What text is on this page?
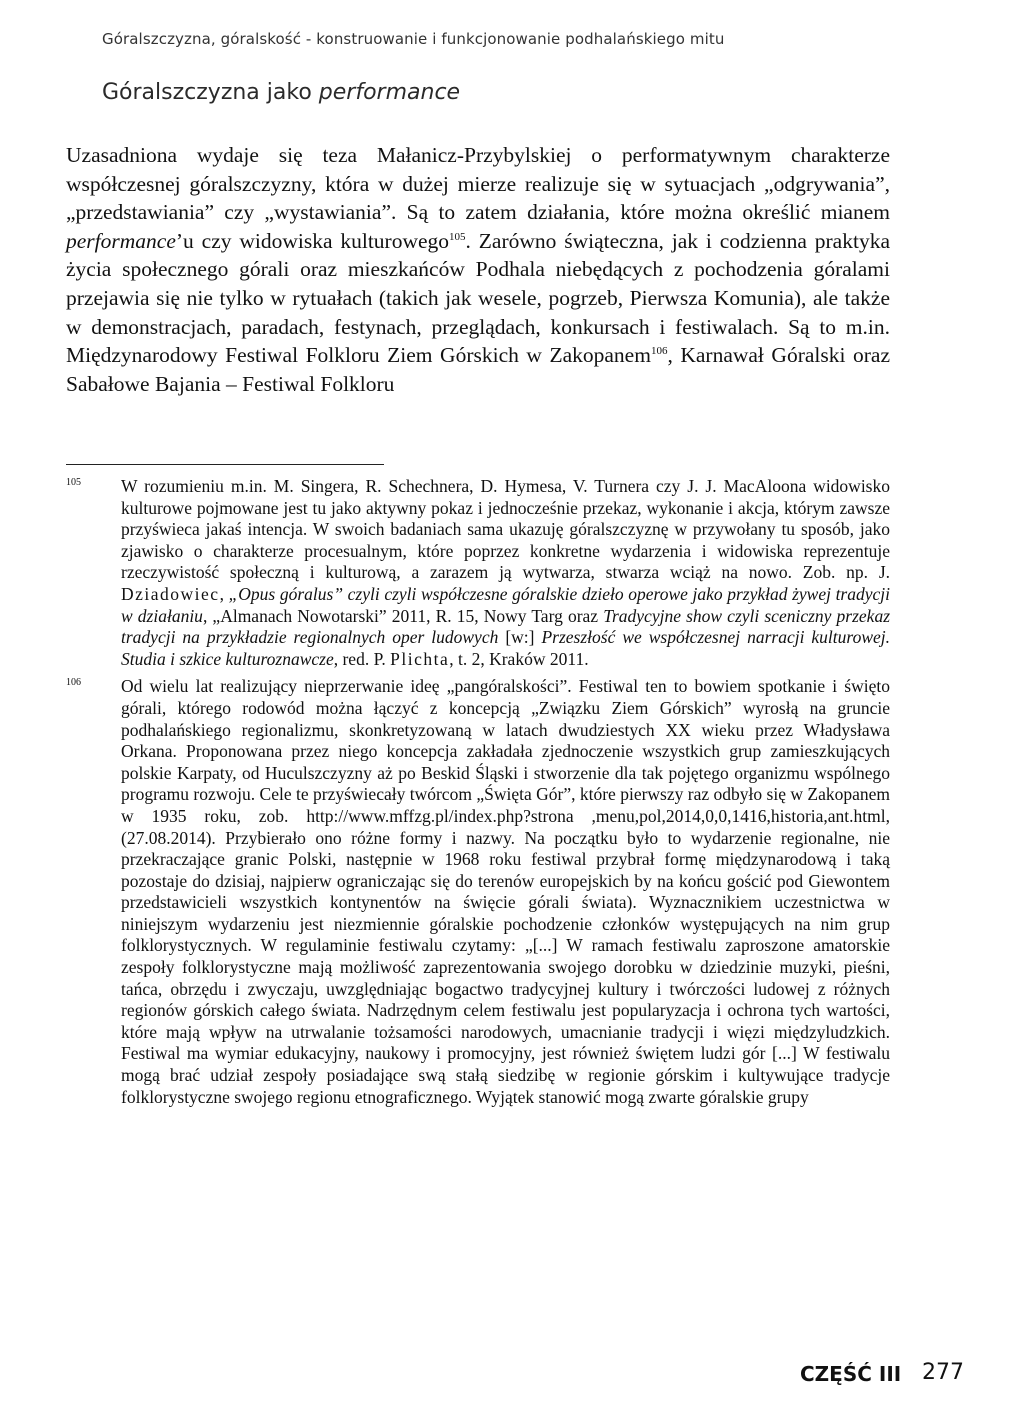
Góralszczyzna, góralskość - konstruowanie i funkcjonowanie podhalańskiego mitu
Góralszczyzna jako performance

Uzasadniona wydaje się teza Małanicz-Przybylskiej o performatywnym charakterze współczesnej góralszczyzny, która w dużej mierze realizuje się w sytuacjach „odgrywania”, „przedstawiania” czy „wystawiania”. Są to zatem działania, które można określić mianem performance’u czy widowiska kulturowego$^{105}$. Zarówno świąteczna, jak i codzienna praktyka życia społecznego górali oraz mieszkańców Podhala niebędących z pochodzenia góralami przejawia się nie tylko w rytuałach (takich jak wesele, pogrzeb, Pierwsza Komunia), ale także w demonstracjach, paradach, festynach, przeglądach, konkursach i festiwalach. Są to m.in. Międzynarodowy Festiwal Folkloru Ziem Górskich w Zakopanem$^{106}$, Karnawał Góralski oraz Sabałowe Bajania – Festiwal Folkloru

105 W rozumieniu m.in. M. Singera, R. Schechnera, D. Hymesa, V. Turnera czy J. J. MacAloona widowisko kulturowe pojmowane jest tu jako aktywny pokaz i jednocześnie przekaz, wykonanie i akcja, którym zawsze przyświeca jakaś intencja. W swoich badaniach sama ukazuję góralszczyznę w przywołany tu sposób, jako zjawisko o charakterze procesualnym, które poprzez konkretne wydarzenia i widowiska reprezentuje rzeczywistość społeczną i kulturową, a zarazem ją wytwarza, stwarza wciąż na nowo. Zob. np. J. Dziadowiec, „Opus góralus” czyli czyli współczesne góralskie dzieło operowe jako przykład żywej tradycji w działaniu, „Almanach Nowotarski” 2011, R. 15, Nowy Targ oraz Tradycyjne show czyli sceniczny przekaz tradycji na przykładzie regionalnych oper ludowych [w:] Przeszłość we współczesnej narracji kulturowej. Studia i szkice kulturoznawcze, red. P. Plichta, t. 2, Kraków 2011.

106 Od wielu lat realizujący nieprzerwanie ideę „pangóralskości”. Festiwal ten to bowiem spotkanie i święto górali, którego rodowód można łączyć z koncepcją „Związku Ziem Górskich” wyrosłą na gruncie podhalańskiego regionalizmu, skonkretyzowaną w latach dwudziestych XX wieku przez Władysława Orkana. Proponowana przez niego koncepcja zakładała zjednoczenie wszystkich grup zamieszkujących polskie Karpaty, od Huculszczyzny aż po Beskid Śląski i stworzenie dla tak pojętego organizmu wspólnego programu rozwoju. Cele te przyświecały twórcom „Święta Gór”, które pierwszy raz odbyło się w Zakopanem w 1935 roku, zob. http://www.mffzg.pl/index.php?strona ,menu,pol,2014,0,0,1416,historia,ant.html, (27.08.2014). Przybierało ono różne formy i nazwy. Na początku było to wydarzenie regionalne, nie przekraczające granic Polski, następnie w 1968 roku festiwal przybrał formę międzynarodową i taką pozostaje do dzisiaj, najpierw ograniczając się do terenów europejskich by na końcu gościć pod Giewontem przedstawicieli wszystkich kontynentów na święcie górali świata). Wyznacznikiem uczestnictwa w niniejszym wydarzeniu jest niezmiennie góralskie pochodzenie członków występujących na nim grup folklorystycznych. W regulaminie festiwalu czytamy: „[...] W ramach festiwalu zaproszone amatorskie zespoły folklorystyczne mają możliwość zaprezentowania swojego dorobku w dziedzinie muzyki, pieśni, tańca, obrzędu i zwyczaju, uwzględniając bogactwo tradycyjnej kultury i twórczości ludowej z różnych regionów górskich całego świata. Nadrzędnym celem festiwalu jest popularyzacja i ochrona tych wartości, które mają wpływ na utrwalanie tożsamości narodowych, umacnianie tradycji i więzi międzyludzkich. Festiwal ma wymiar edukacyjny, naukowy i promocyjny, jest również świętem ludzi gór [...] W festiwalu mogą brać udział zespoły posiadające swą stałą siedzibę w regionie górskim i kultywujące tradycje folklorystyczne swojego regionu etnograficznego. Wyjątek stanowić mogą zwarte góralskie grupy

CZĘŚĆ III 277
